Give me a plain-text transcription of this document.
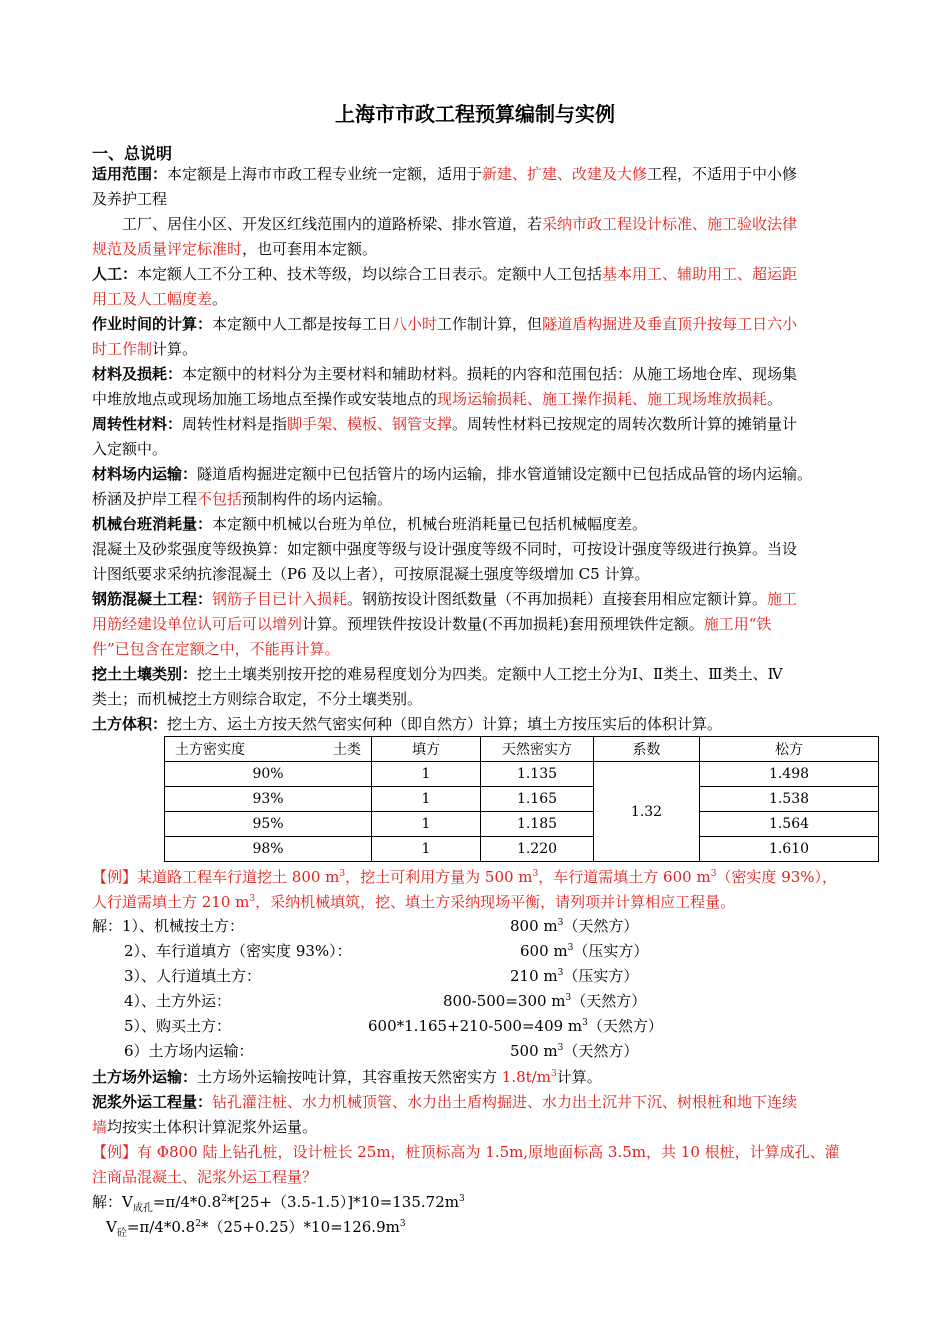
上海市市政工程预算编制与实例
一、总说明
适用范围：本定额是上海市市政工程专业统一定额，适用于新建、扩建、改建及大修工程，不适用于中小修
及养护工程
工厂、居住小区、开发区红线范围内的道路桥梁、排水管道，若采纳市政工程设计标准、施工验收法律
规范及质量评定标准时，也可套用本定额。
人工：本定额人工不分工种、技术等级，均以综合工日表示。定额中人工包括基本用工、辅助用工、超运距
用工及人工幅度差。
作业时间的计算：本定额中人工都是按每工日八小时工作制计算，但隧道盾构掘进及垂直顶升按每工日六小
时工作制计算。
材料及损耗：本定额中的材料分为主要材料和辅助材料。损耗的内容和范围包括：从施工场地仓库、现场集
中堆放地点或现场加施工场地点至操作或安装地点的现场运输损耗、施工操作损耗、施工现场堆放损耗。
周转性材料：周转性材料是指脚手架、模板、钢管支撑。周转性材料已按规定的周转次数所计算的摊销量计
入定额中。
材料场内运输：隧道盾构掘进定额中已包括管片的场内运输，排水管道铺设定额中已包括成品管的场内运输。
桥涵及护岸工程不包括预制构件的场内运输。
机械台班消耗量：本定额中机械以台班为单位，机械台班消耗量已包括机械幅度差。
混凝土及砂浆强度等级换算：如定额中强度等级与设计强度等级不同时，可按设计强度等级进行换算。当设
计图纸要求采纳抗渗混凝土（P6 及以上者），可按原混凝土强度等级增加 C5 计算。
钢筋混凝土工程：钢筋子目已计入损耗。钢筋按设计图纸数量（不再加损耗）直接套用相应定额计算。施工
用筋经建设单位认可后可以增列计算。预埋铁件按设计数量(不再加损耗)套用预埋铁件定额。施工用“铁
件”已包含在定额之中，不能再计算。
挖土土壤类别：挖土土壤类别按开挖的难易程度划分为四类。定额中人工挖土分为Ⅰ、Ⅱ类土、Ⅲ类土、Ⅳ
类土；而机械挖土方则综合取定，不分土壤类别。
土方体积：挖土方、运土方按天然气密实何种（即自然方）计算；填土方按压实后的体积计算。
土方密实度 土类	填方	天然密实方	系数	松方
90%	1	1.135	1.32	1.498
93%	1	1.165		1.538
95%	1	1.185		1.564
98%	1	1.220		1.610
【例】某道路工程车行道挖土 800 $m^3$，挖土可利用方量为 500 $m^3$，车行道需填土方 600 $m^3$（密实度 93%），
人行道需填土方 210 $m^3$，采纳机械填筑，挖、填土方采纳现场平衡，请列项并计算相应工程量。
解：1）、机械按土方：	800 $m^3$（天然方）
2）、车行道填方（密实度 93%）：	600 $m^3$（压实方）
3）、人行道填土方：	210 $m^3$（压实方）
4）、土方外运：	800-500=300 $m^3$（天然方）
5）、购买土方：	600*1.165+210-500=409 $m^3$（天然方）
6）土方场内运输：	500 $m^3$（天然方）
土方场外运输：土方场外运输按吨计算，其容重按天然密实方 $1.8t/m^3$计算。
泥浆外运工程量：钻孔灌注桩、水力机械顶管、水力出土盾构掘进、水力出土沉井下沉、树根桩和地下连续
墙均按实土体积计算泥浆外运量。
【例】有 Φ800 陆上钻孔桩，设计桩长 25m，桩顶标高为 1.5m,原地面标高 3.5m，共 10 根桩，计算成孔、灌
注商品混凝土、泥浆外运工程量？
解：$V_{成孔}=\pi/4*0.8^2*[25+(3.5-1.5)]*10=135.72m^3$
$V_砼=\pi/4*0.8^2*(25+0.25)*10=126.9m^3$
